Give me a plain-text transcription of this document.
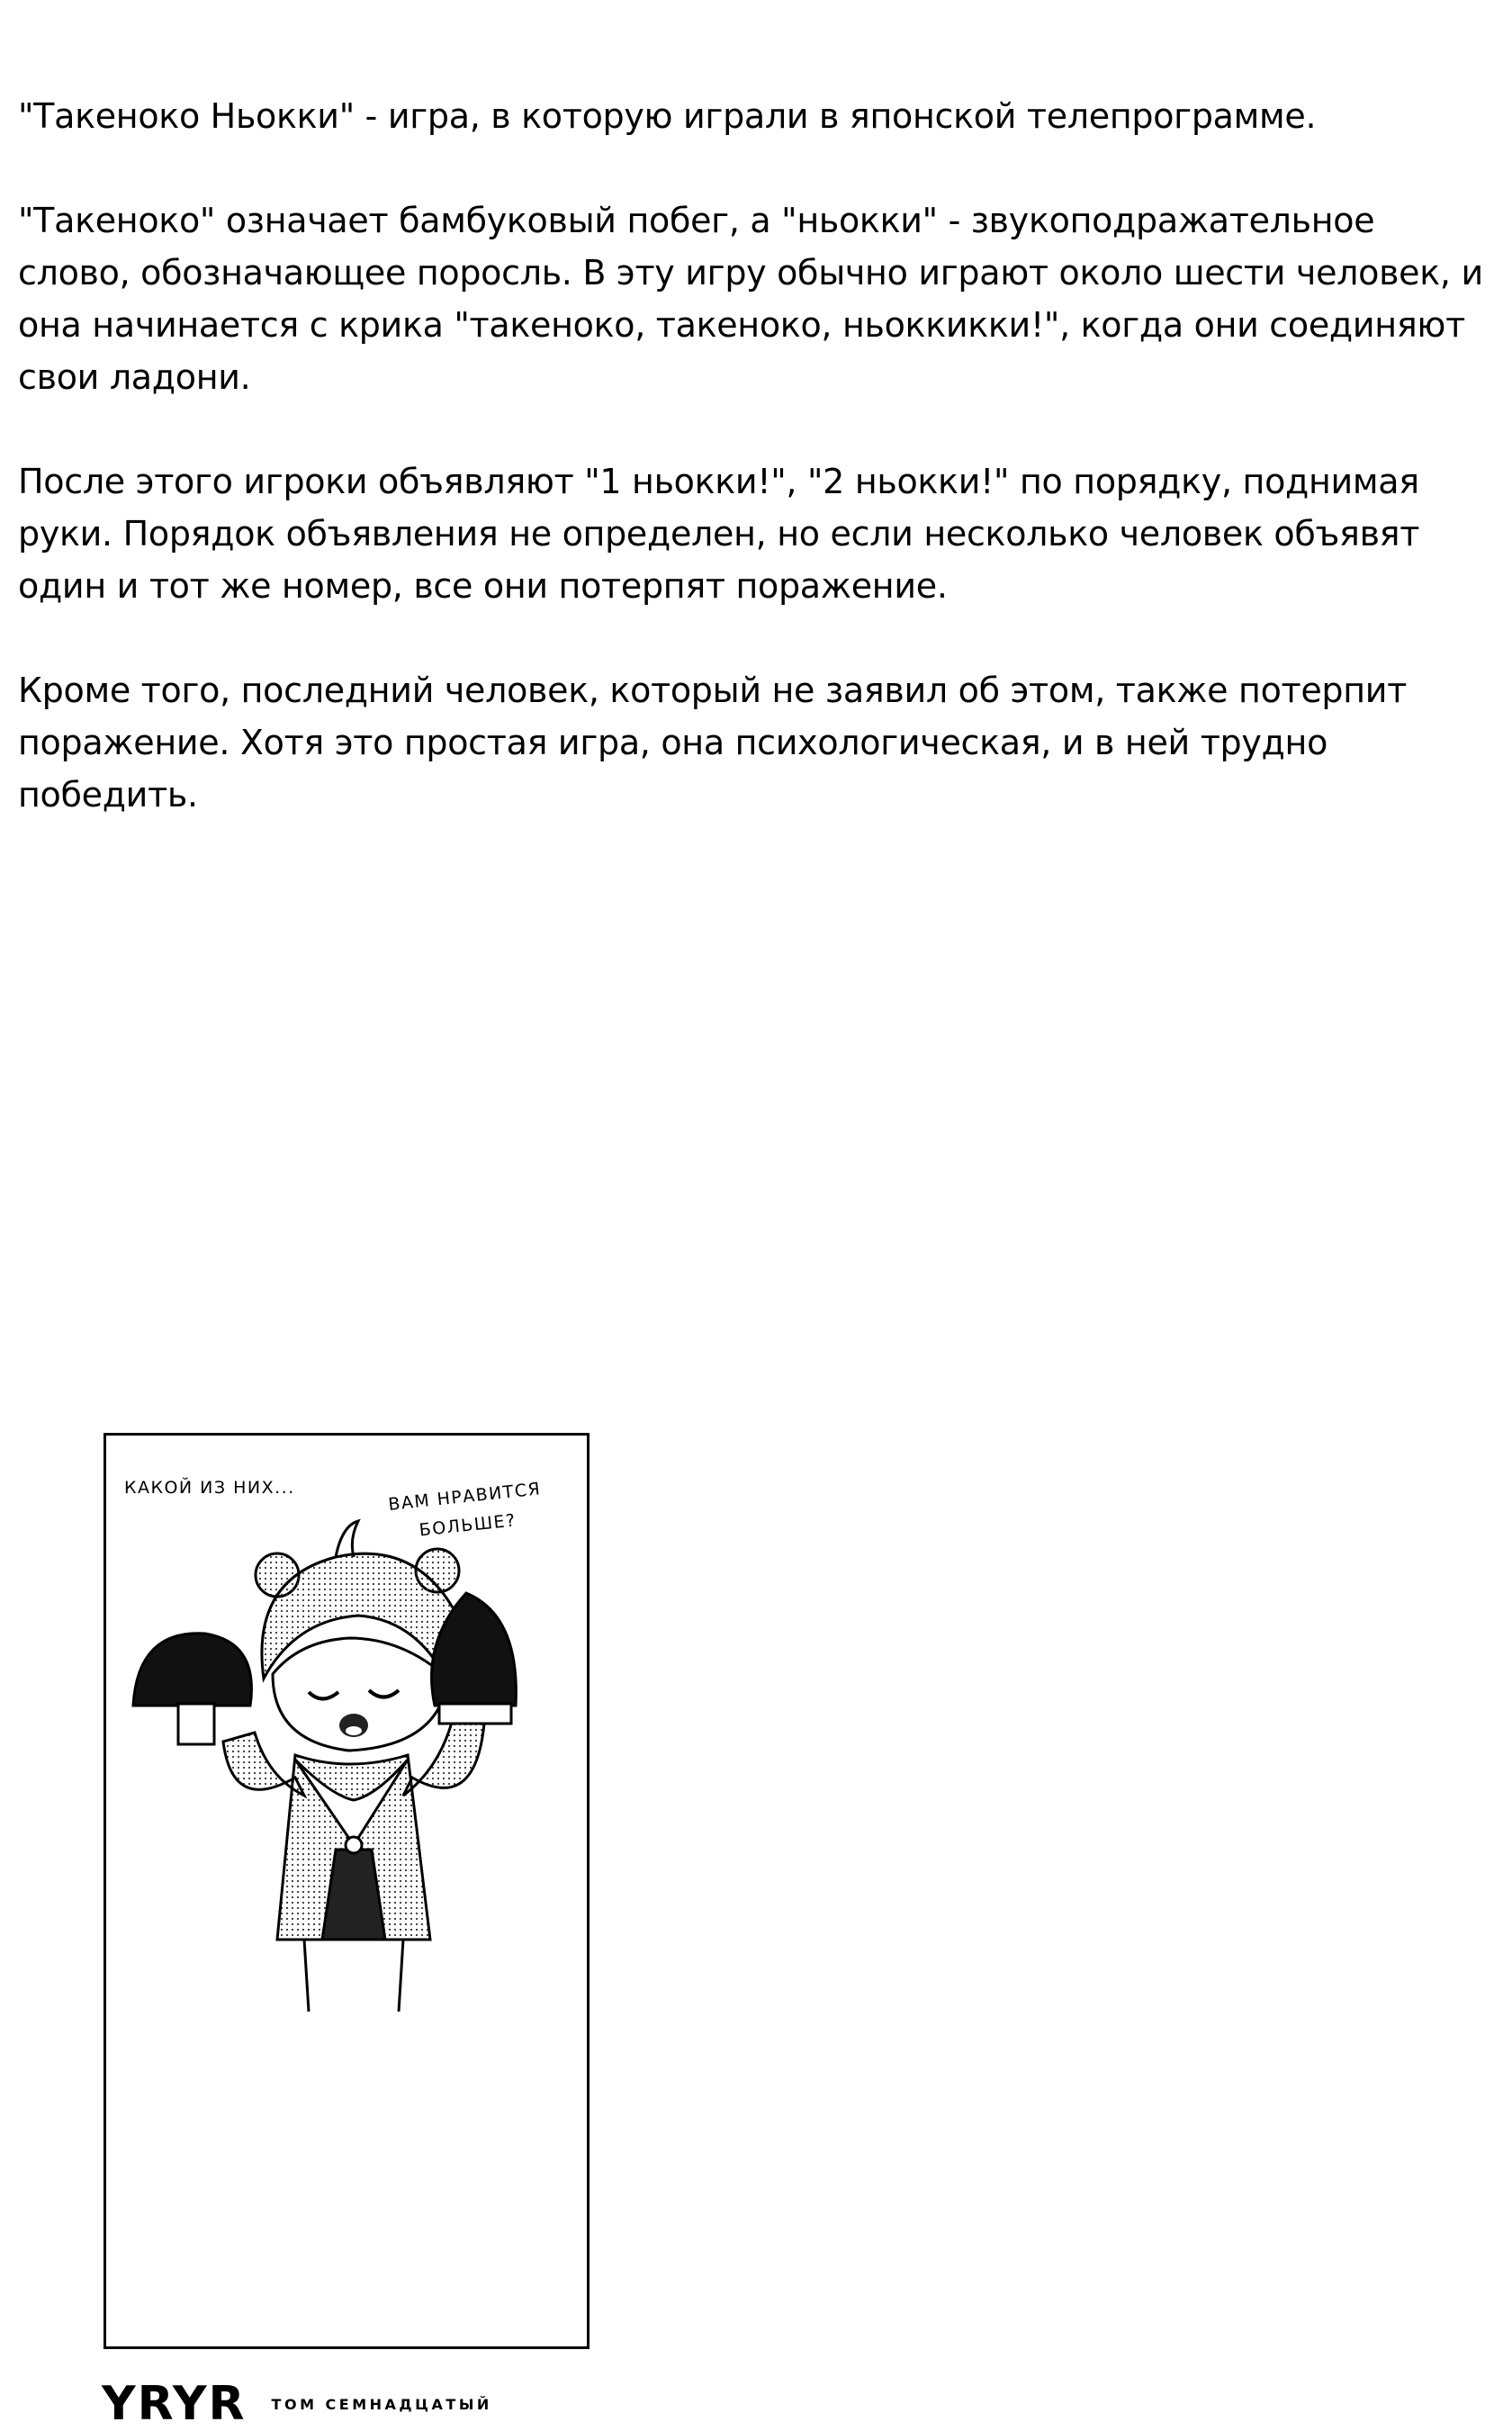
"Такеноко Ньокки" - игра, в которую играли в японской телепрограмме.

"Такеноко" означает бамбуковый побег, а "ньокки" - звукоподражательное слово, обозначающее поросль. В эту игру обычно играют около шести человек, и она начинается с крика "такеноко, такеноко, ньоккикки!", когда они соединяют свои ладони.

После этого игроки объявляют "1 ньокки!", "2 ньокки!" по порядку, поднимая руки. Порядок объявления не определен, но если несколько человек объявят один и тот же номер, все они потерпят поражение.

Кроме того, последний человек, который не заявил об этом, также потерпит поражение. Хотя это простая игра, она психологическая, и в ней трудно победить.

КАКОЙ ИЗ НИХ...	ВАМ НРАВИТСЯ
БОЛЬШЕ?
YRYR ТОМ СЕМНАДЦАТЫЙ
